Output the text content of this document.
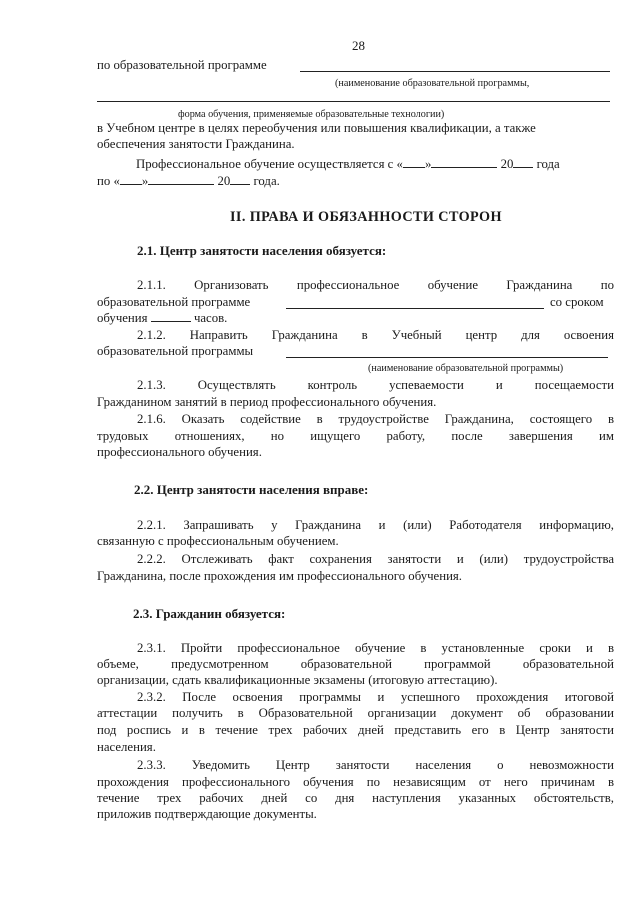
28
по образовательной программе
(наименование образовательной программы,
форма обучения, применяемые образовательные технологии)
в Учебном центре в целях переобучения или повышения квалификации, а также
обеспечения занятости Гражданина.
Профессиональное обучение осуществляется с « »	20 года
по « »	20 года.
II. ПРАВА И ОБЯЗАННОСТИ СТОРОН
2.1. Центр занятости населения обязуется:
2.1.1. Организовать профессиональное обучение Гражданина по
образовательной программе	со сроком
обучения	часов.
2.1.2. Направить Гражданина в Учебный центр для освоения
образовательной программы
(наименование образовательной программы)
2.1.3. Осуществлять контроль успеваемости и посещаемости
Гражданином занятий в период профессионального обучения.
2.1.6. Оказать содействие в трудоустройстве Гражданина, состоящего в
трудовых отношениях, но ищущего работу, после завершения им
профессионального обучения.
2.2. Центр занятости населения вправе:
2.2.1. Запрашивать у Гражданина и (или) Работодателя информацию,
связанную с профессиональным обучением.
2.2.2. Отслеживать факт сохранения занятости и (или) трудоустройства
Гражданина, после прохождения им профессионального обучения.
2.3. Гражданин обязуется:
2.3.1. Пройти профессиональное обучение в установленные сроки и в
объеме, предусмотренном образовательной программой образовательной
организации, сдать квалификационные экзамены (итоговую аттестацию).
2.3.2. После освоения программы и успешного прохождения итоговой
аттестации получить в Образовательной организации документ об образовании
под роспись и в течение трех рабочих дней представить его в Центр занятости
населения.
2.3.3. Уведомить Центр занятости населения о невозможности
прохождения профессионального обучения по независящим от него причинам в
течение трех рабочих дней со дня наступления указанных обстоятельств,
приложив подтверждающие документы.
